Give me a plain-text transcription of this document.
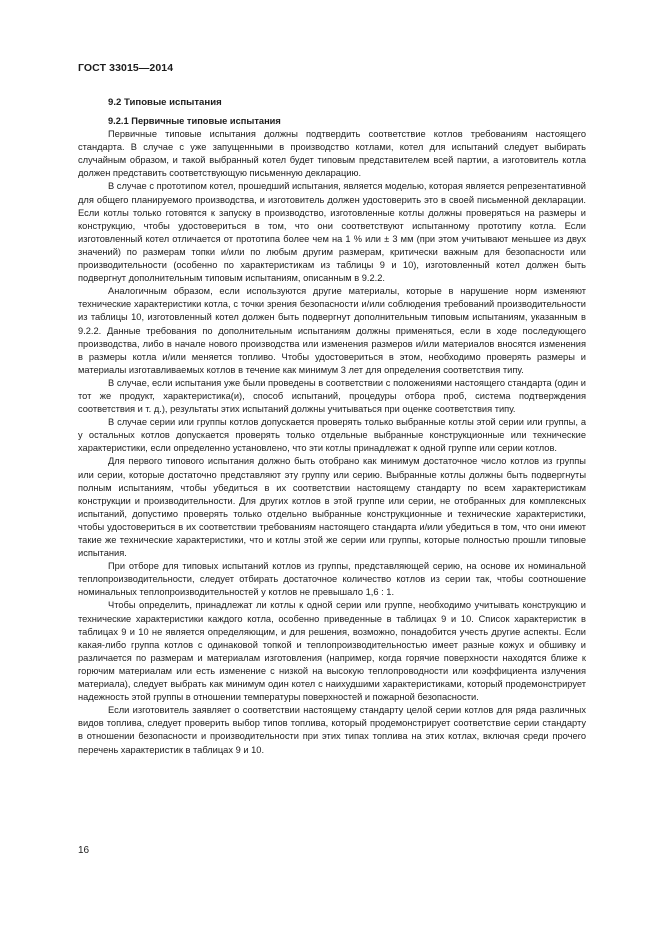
ГОСТ 33015—2014
9.2 Типовые испытания
9.2.1 Первичные типовые испытания

Первичные типовые испытания должны подтвердить соответствие котлов требованиям настоящего стандарта. В случае с уже запущенными в производство котлами, котел для испытаний следует выбирать случайным образом, и такой выбранный котел будет типовым представителем всей партии, а изготовитель котла должен представить соответствующую письменную декларацию.

В случае с прототипом котел, прошедший испытания, является моделью, которая является репрезентативной для общего планируемого производства, и изготовитель должен удостоверить это в своей письменной декларации. Если котлы только готовятся к запуску в производство, изготовленные котлы должны проверяться на размеры и конструкцию, чтобы удостовериться в том, что они соответствуют испытанному прототипу котла. Если изготовленный котел отличается от прототипа более чем на 1 % или ± 3 мм (при этом учитывают меньшее из двух значений) по размерам топки и/или по любым другим размерам, критически важным для безопасности или производительности (особенно по характеристикам из таблицы 9 и 10), изготовленный котел должен быть подвергнут дополнительным типовым испытаниям, описанным в 9.2.2.

Аналогичным образом, если используются другие материалы, которые в нарушение норм изменяют технические характеристики котла, с точки зрения безопасности и/или соблюдения требований производительности из таблицы 10, изготовленный котел должен быть подвергнут дополнительным типовым испытаниям, указанным в 9.2.2. Данные требования по дополнительным испытаниям должны применяться, если в ходе последующего производства, либо в начале нового производства или изменения размеров и/или материалов вносятся изменения в размеры котла и/или меняется топливо. Чтобы удостовериться в этом, необходимо проверять размеры и материалы изготавливаемых котлов в течение как минимум 3 лет для определения соответствия типу.

В случае, если испытания уже были проведены в соответствии с положениями настоящего стандарта (один и тот же продукт, характеристика(и), способ испытаний, процедуры отбора проб, система подтверждения соответствия и т. д.), результаты этих испытаний должны учитываться при оценке соответствия типу.

В случае серии или группы котлов допускается проверять только выбранные котлы этой серии или группы, а у остальных котлов допускается проверять только отдельные выбранные конструкционные или технические характеристики, если определенно установлено, что эти котлы принадлежат к одной группе или серии котлов.

Для первого типового испытания должно быть отобрано как минимум достаточное число котлов из группы или серии, которые достаточно представляют эту группу или серию. Выбранные котлы должны быть подвергнуты полным испытаниям, чтобы убедиться в их соответствии настоящему стандарту по всем характеристикам конструкции и производительности. Для других котлов в этой группе или серии, не отобранных для комплексных испытаний, допустимо проверять только отдельно выбранные конструкционные и технические характеристики, чтобы удостовериться в их соответствии требованиям настоящего стандарта и/или убедиться в том, что они имеют такие же технические характеристики, что и котлы этой же серии или группы, которые полностью прошли типовые испытания.

При отборе для типовых испытаний котлов из группы, представляющей серию, на основе их номинальной теплопроизводительности, следует отбирать достаточное количество котлов из серии так, чтобы соотношение номинальных теплопроизводительностей у котлов не превышало 1,6 : 1.

Чтобы определить, принадлежат ли котлы к одной серии или группе, необходимо учитывать конструкцию и технические характеристики каждого котла, особенно приведенные в таблицах 9 и 10. Список характеристик в таблицах 9 и 10 не является определяющим, и для решения, возможно, понадобится учесть другие аспекты. Если какая-либо группа котлов с одинаковой топкой и теплопроизводительностью имеет разные кожух и обшивку и различается по размерам и материалам изготовления (например, когда горячие поверхности находятся ближе к горючим материалам или есть изменение с низкой на высокую теплопроводности или коэффициента излучения материала), следует выбрать как минимум один котел с наихудшими характеристиками, который продемонстрирует надежность этой группы в отношении температуры поверхностей и пожарной безопасности.

Если изготовитель заявляет о соответствии настоящему стандарту целой серии котлов для ряда различных видов топлива, следует проверить выбор типов топлива, который продемонстрирует соответствие серии стандарту в отношении безопасности и производительности при этих типах топлива на этих котлах, включая среди прочего перечень характеристик в таблицах 9 и 10.

16
